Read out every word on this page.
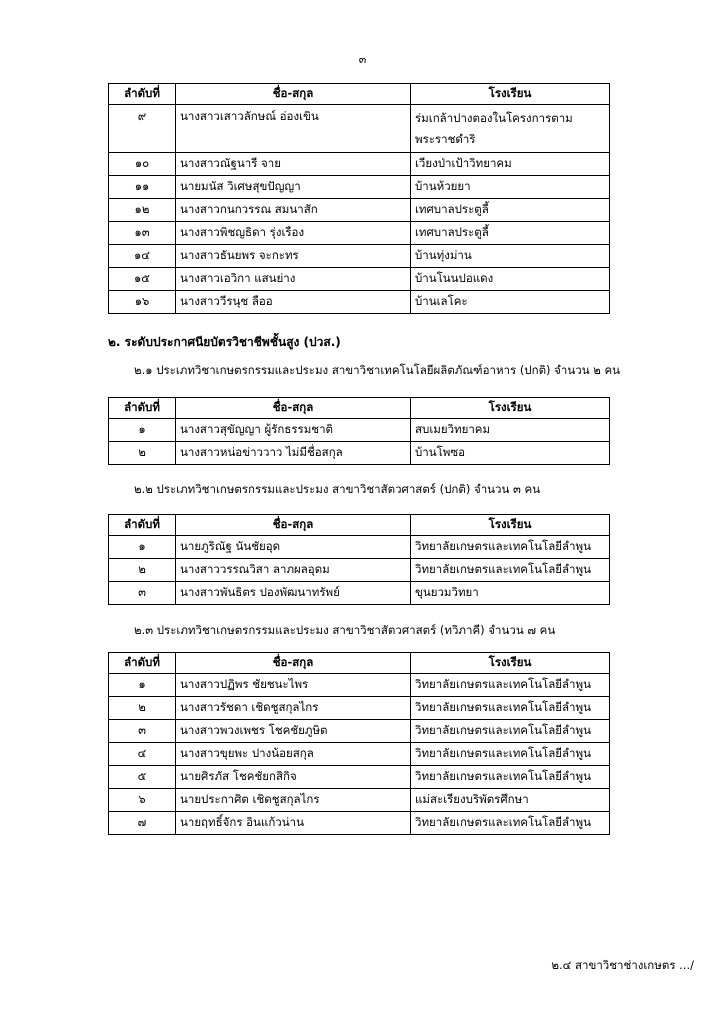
๓
ลำดับที่	ชื่อ-สกุล	โรงเรียน
๙	นางสาวเสาวลักษณ์ อ่องเขิน	ร่มเกล้าปางตองในโครงการตาม
พระราชดำริ

๑๐	นางสาวณัฐนารี จาย	เวียงป่าเป้าวิทยาคม
๑๑	นายมนัส วิเศษสุขปัญญา	บ้านห้วยยา
๑๒	นางสาวกนกวรรณ สมนาสัก	เทศบาลประตูลี้
๑๓	นางสาวพิชญธิดา รุ่งเรือง	เทศบาลประตูลี้
๑๔	นางสาวธันยพร จะกะทร	บ้านทุ่งม่าน
๑๕	นางสาวเอวิกา แสนย่าง	บ้านโนนปอแดง
๑๖	นางสาววีรนุช ลืออ	บ้านเลโคะ
๒. ระดับประกาศนียบัตรวิชาชีพชั้นสูง (ปวส.)
๒.๑ ประเภทวิชาเกษตรกรรมและประมง สาขาวิชาเทคโนโลยีผลิตภัณฑ์อาหาร (ปกติ) จำนวน ๒ คน
ลำดับที่	ชื่อ-สกุล	โรงเรียน
๑	นางสาวสุขัญญา ผู้รักธรรมชาติ	สบเมยวิทยาคม
๒	นางสาวหน่อข่าววาว ไม่มีชื่อสกุล	บ้านโพซอ
๒.๒ ประเภทวิชาเกษตรกรรมและประมง สาขาวิชาสัตวศาสตร์ (ปกติ) จำนวน ๓ คน
ลำดับที่	ชื่อ-สกุล	โรงเรียน
๑	นายภูริณัฐ นันชัยอุด	วิทยาลัยเกษตรและเทคโนโลยีลำพูน
๒	นางสาววรรณวิสา ลาภผลอุดม	วิทยาลัยเกษตรและเทคโนโลยีลำพูน
๓	นางสาวพันธิตร ปองพัฒนาทรัพย์	ขุนยวมวิทยา
๒.๓ ประเภทวิชาเกษตรกรรมและประมง สาขาวิชาสัตวศาสตร์ (ทวิภาคี) จำนวน ๗ คน
ลำดับที่	ชื่อ-สกุล	โรงเรียน
๑	นางสาวปฏิพร ชัยชนะไพร	วิทยาลัยเกษตรและเทคโนโลยีลำพูน
๒	นางสาวรัชดา เชิดชูสกุลไกร	วิทยาลัยเกษตรและเทคโนโลยีลำพูน
๓	นางสาวพวงเพชร โชคชัยภูษิต	วิทยาลัยเกษตรและเทคโนโลยีลำพูน
๔	นางสาวขุยพะ ปางน้อยสกุล	วิทยาลัยเกษตรและเทคโนโลยีลำพูน
๕	นายศิรภัส โชคชัยกสิกิจ	วิทยาลัยเกษตรและเทคโนโลยีลำพูน
๖	นายประกาศิต เชิดชูสกุลไกร	แม่สะเรียงบริพัตรศึกษา
๗	นายฤทธิ์จักร อินแก้วน่าน	วิทยาลัยเกษตรและเทคโนโลยีลำพูน
๒.๔ สาขาวิชาช่างเกษตร .../
